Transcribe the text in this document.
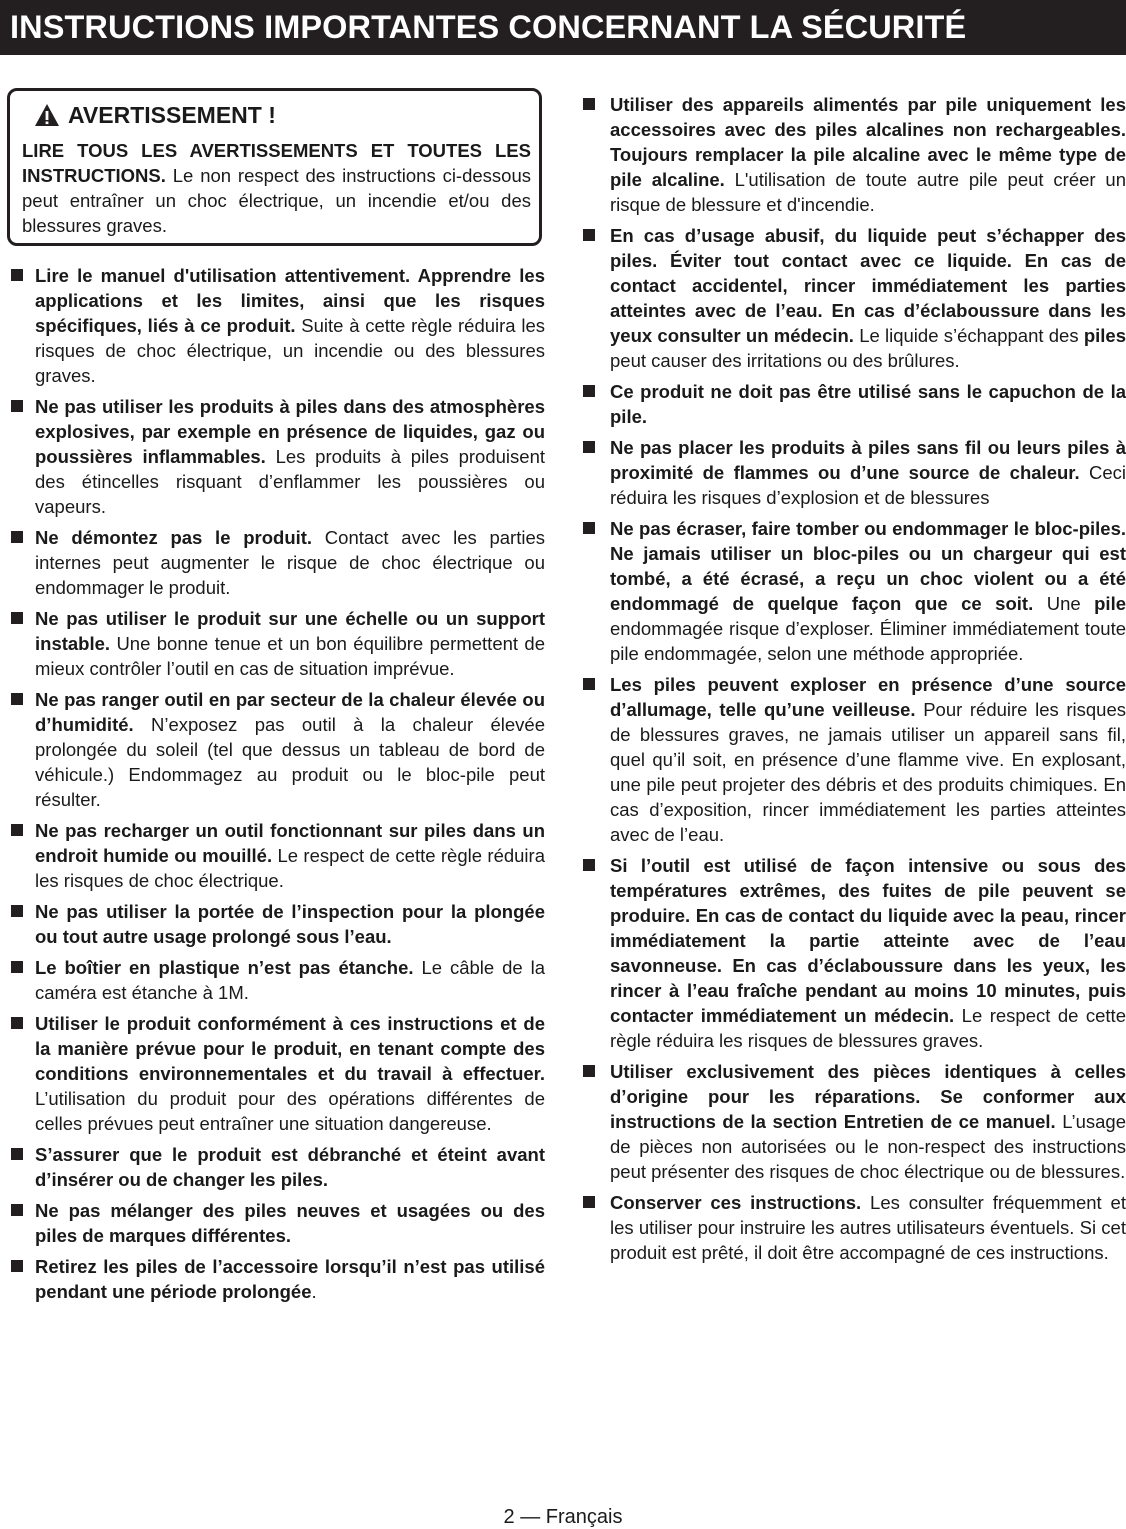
INSTRUCTIONS IMPORTANTES CONCERNANT LA SÉCURITÉ
AVERTISSEMENT !
LIRE TOUS LES AVERTISSEMENTS ET TOUTES LES INSTRUCTIONS. Le non respect des instructions ci-dessous peut entraîner un choc électrique, un incendie et/ou des blessures graves.
Lire le manuel d'utilisation attentivement. Apprendre les applications et les limites, ainsi que les risques spécifiques, liés à ce produit. Suite à cette règle réduira les risques de choc électrique, un incendie ou des blessures graves.
Ne pas utiliser les produits à piles dans des atmosphères explosives, par exemple en présence de liquides, gaz ou poussières inflammables. Les produits à piles produisent des étincelles risquant d’enflammer les poussières ou vapeurs.
Ne démontez pas le produit. Contact avec les parties internes peut augmenter le risque de choc électrique ou endommager le produit.
Ne pas utiliser le produit sur une échelle ou un support instable. Une bonne tenue et un bon équilibre permettent de mieux contrôler l’outil en cas de situation imprévue.
Ne pas ranger outil en par secteur de la chaleur élevée ou d’humidité. N’exposez pas outil à la chaleur élevée prolongée du soleil (tel que dessus un tableau de bord de véhicule.) Endommagez au produit ou le bloc-pile peut résulter.
Ne pas recharger un outil fonctionnant sur piles dans un endroit humide ou mouillé. Le respect de cette règle réduira les risques de choc électrique.
Ne pas utiliser la portée de l’inspection pour la plongée ou tout autre usage prolongé sous l’eau.
Le boîtier en plastique n’est pas étanche. Le câble de la caméra est étanche à 1M.
Utiliser le produit conformément à ces instructions et de la manière prévue pour le produit, en tenant compte des conditions environnementales et du travail à effectuer. L’utilisation du produit pour des opérations différentes de celles prévues peut entraîner une situation dangereuse.
S’assurer que le produit est débranché et éteint avant d’insérer ou de changer les piles.
Ne pas mélanger des piles neuves et usagées ou des piles de marques différentes.
Retirez les piles de l’accessoire lorsqu’il n’est pas utilisé pendant une période prolongée.
Utiliser des appareils alimentés par pile uniquement les accessoires avec des piles alcalines non rechargeables. Toujours remplacer la pile alcaline avec le même type de pile alcaline. L'utilisation de toute autre pile peut créer un risque de blessure et d'incendie.
En cas d’usage abusif, du liquide peut s’échapper des piles. Éviter tout contact avec ce liquide. En cas de contact accidentel, rincer immédiatement les parties atteintes avec de l’eau. En cas d’éclaboussure dans les yeux consulter un médecin. Le liquide s’échappant des piles peut causer des irritations ou des brûlures.
Ce produit ne doit pas être utilisé sans le capuchon de la pile.
Ne pas placer les produits à piles sans fil ou leurs piles à proximité de flammes ou d’une source de chaleur. Ceci réduira les risques d’explosion et de blessures
Ne pas écraser, faire tomber ou endommager le bloc-piles. Ne jamais utiliser un bloc-piles ou un chargeur qui est tombé, a été écrasé, a reçu un choc violent ou a été endommagé de quelque façon que ce soit. Une pile endommagée risque d’exploser. Éliminer immédiatement toute pile endommagée, selon une méthode appropriée.
Les piles peuvent exploser en présence d’une source d’allumage, telle qu’une veilleuse. Pour réduire les risques de blessures graves, ne jamais utiliser un appareil sans fil, quel qu’il soit, en présence d’une flamme vive. En explosant, une pile peut projeter des débris et des produits chimiques. En cas d’exposition, rincer immédiatement les parties atteintes avec de l’eau.
Si l’outil est utilisé de façon intensive ou sous des températures extrêmes, des fuites de pile peuvent se produire. En cas de contact du liquide avec la peau, rincer immédiatement la partie atteinte avec de l’eau savonneuse. En cas d’éclaboussure dans les yeux, les rincer à l’eau fraîche pendant au moins 10 minutes, puis contacter immédiatement un médecin. Le respect de cette règle réduira les risques de blessures graves.
Utiliser exclusivement des pièces identiques à celles d’origine pour les réparations. Se conformer aux instructions de la section Entretien de ce manuel. L’usage de pièces non autorisées ou le non-respect des instructions peut présenter des risques de choc électrique ou de blessures.
Conserver ces instructions. Les consulter fréquemment et les utiliser pour instruire les autres utilisateurs éventuels. Si cet produit est prêté, il doit être accompagné de ces instructions.
2 — Français
